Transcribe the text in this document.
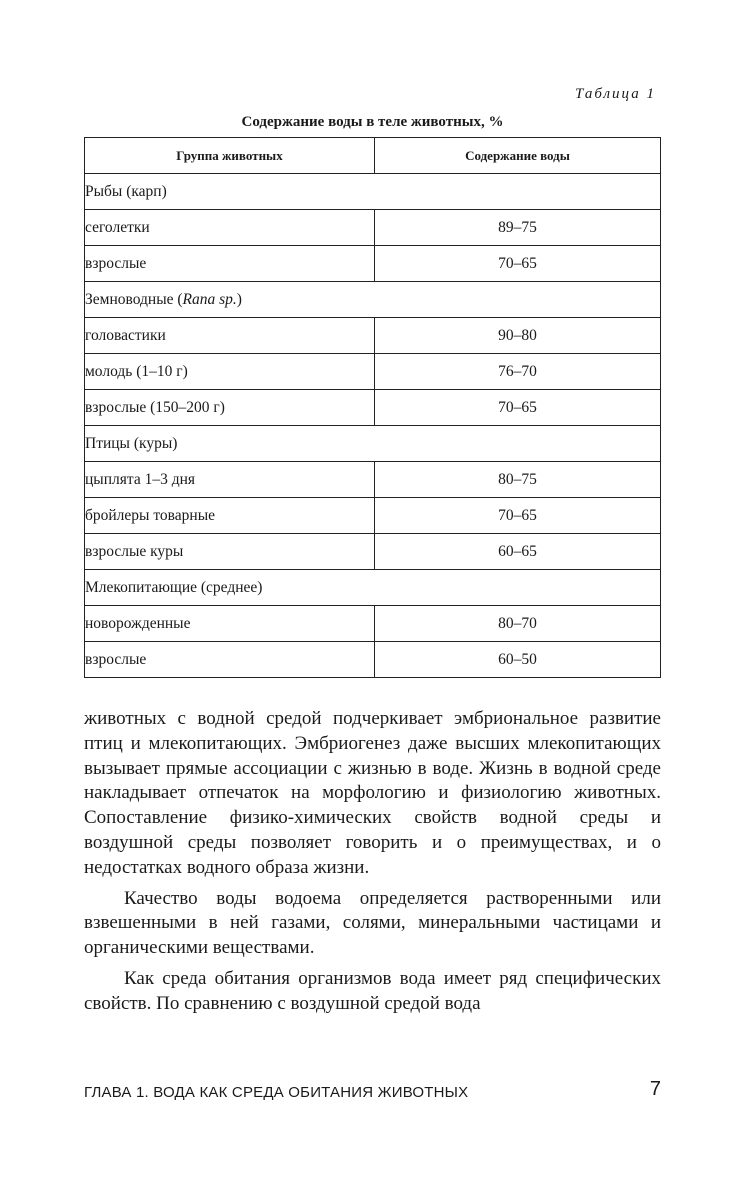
Таблица 1
Содержание воды в теле животных, %
Группа животных	Содержание воды
Рыбы (карп)	
сеголетки	89–75
взрослые	70–65
Земноводные (Rana sp.)	
головастики	90–80
молодь (1–10 г)	76–70
взрослые (150–200 г)	70–65
Птицы (куры)	
цыплята 1–3 дня	80–75
бройлеры товарные	70–65
взрослые куры	60–65
Млекопитающие (среднее)	
новорожденные	80–70
взрослые	60–50

животных с водной средой подчеркивает эмбриональное развитие птиц и млекопитающих. Эмбриогенез даже высших млекопитающих вызывает прямые ассоциации с жизнью в воде. Жизнь в водной среде накладывает отпечаток на морфологию и физиологию животных. Сопоставление физико-химических свойств водной среды и воздушной среды позволяет говорить и о преимуществах, и о недостатках водного образа жизни.

Качество воды водоема определяется растворенными или взвешенными в ней газами, солями, минеральными частицами и органическими веществами.

Как среда обитания организмов вода имеет ряд специфических свойств. По сравнению с воздушной средой вода

ГЛАВА 1. ВОДА КАК СРЕДА ОБИТАНИЯ ЖИВОТНЫХ	7
